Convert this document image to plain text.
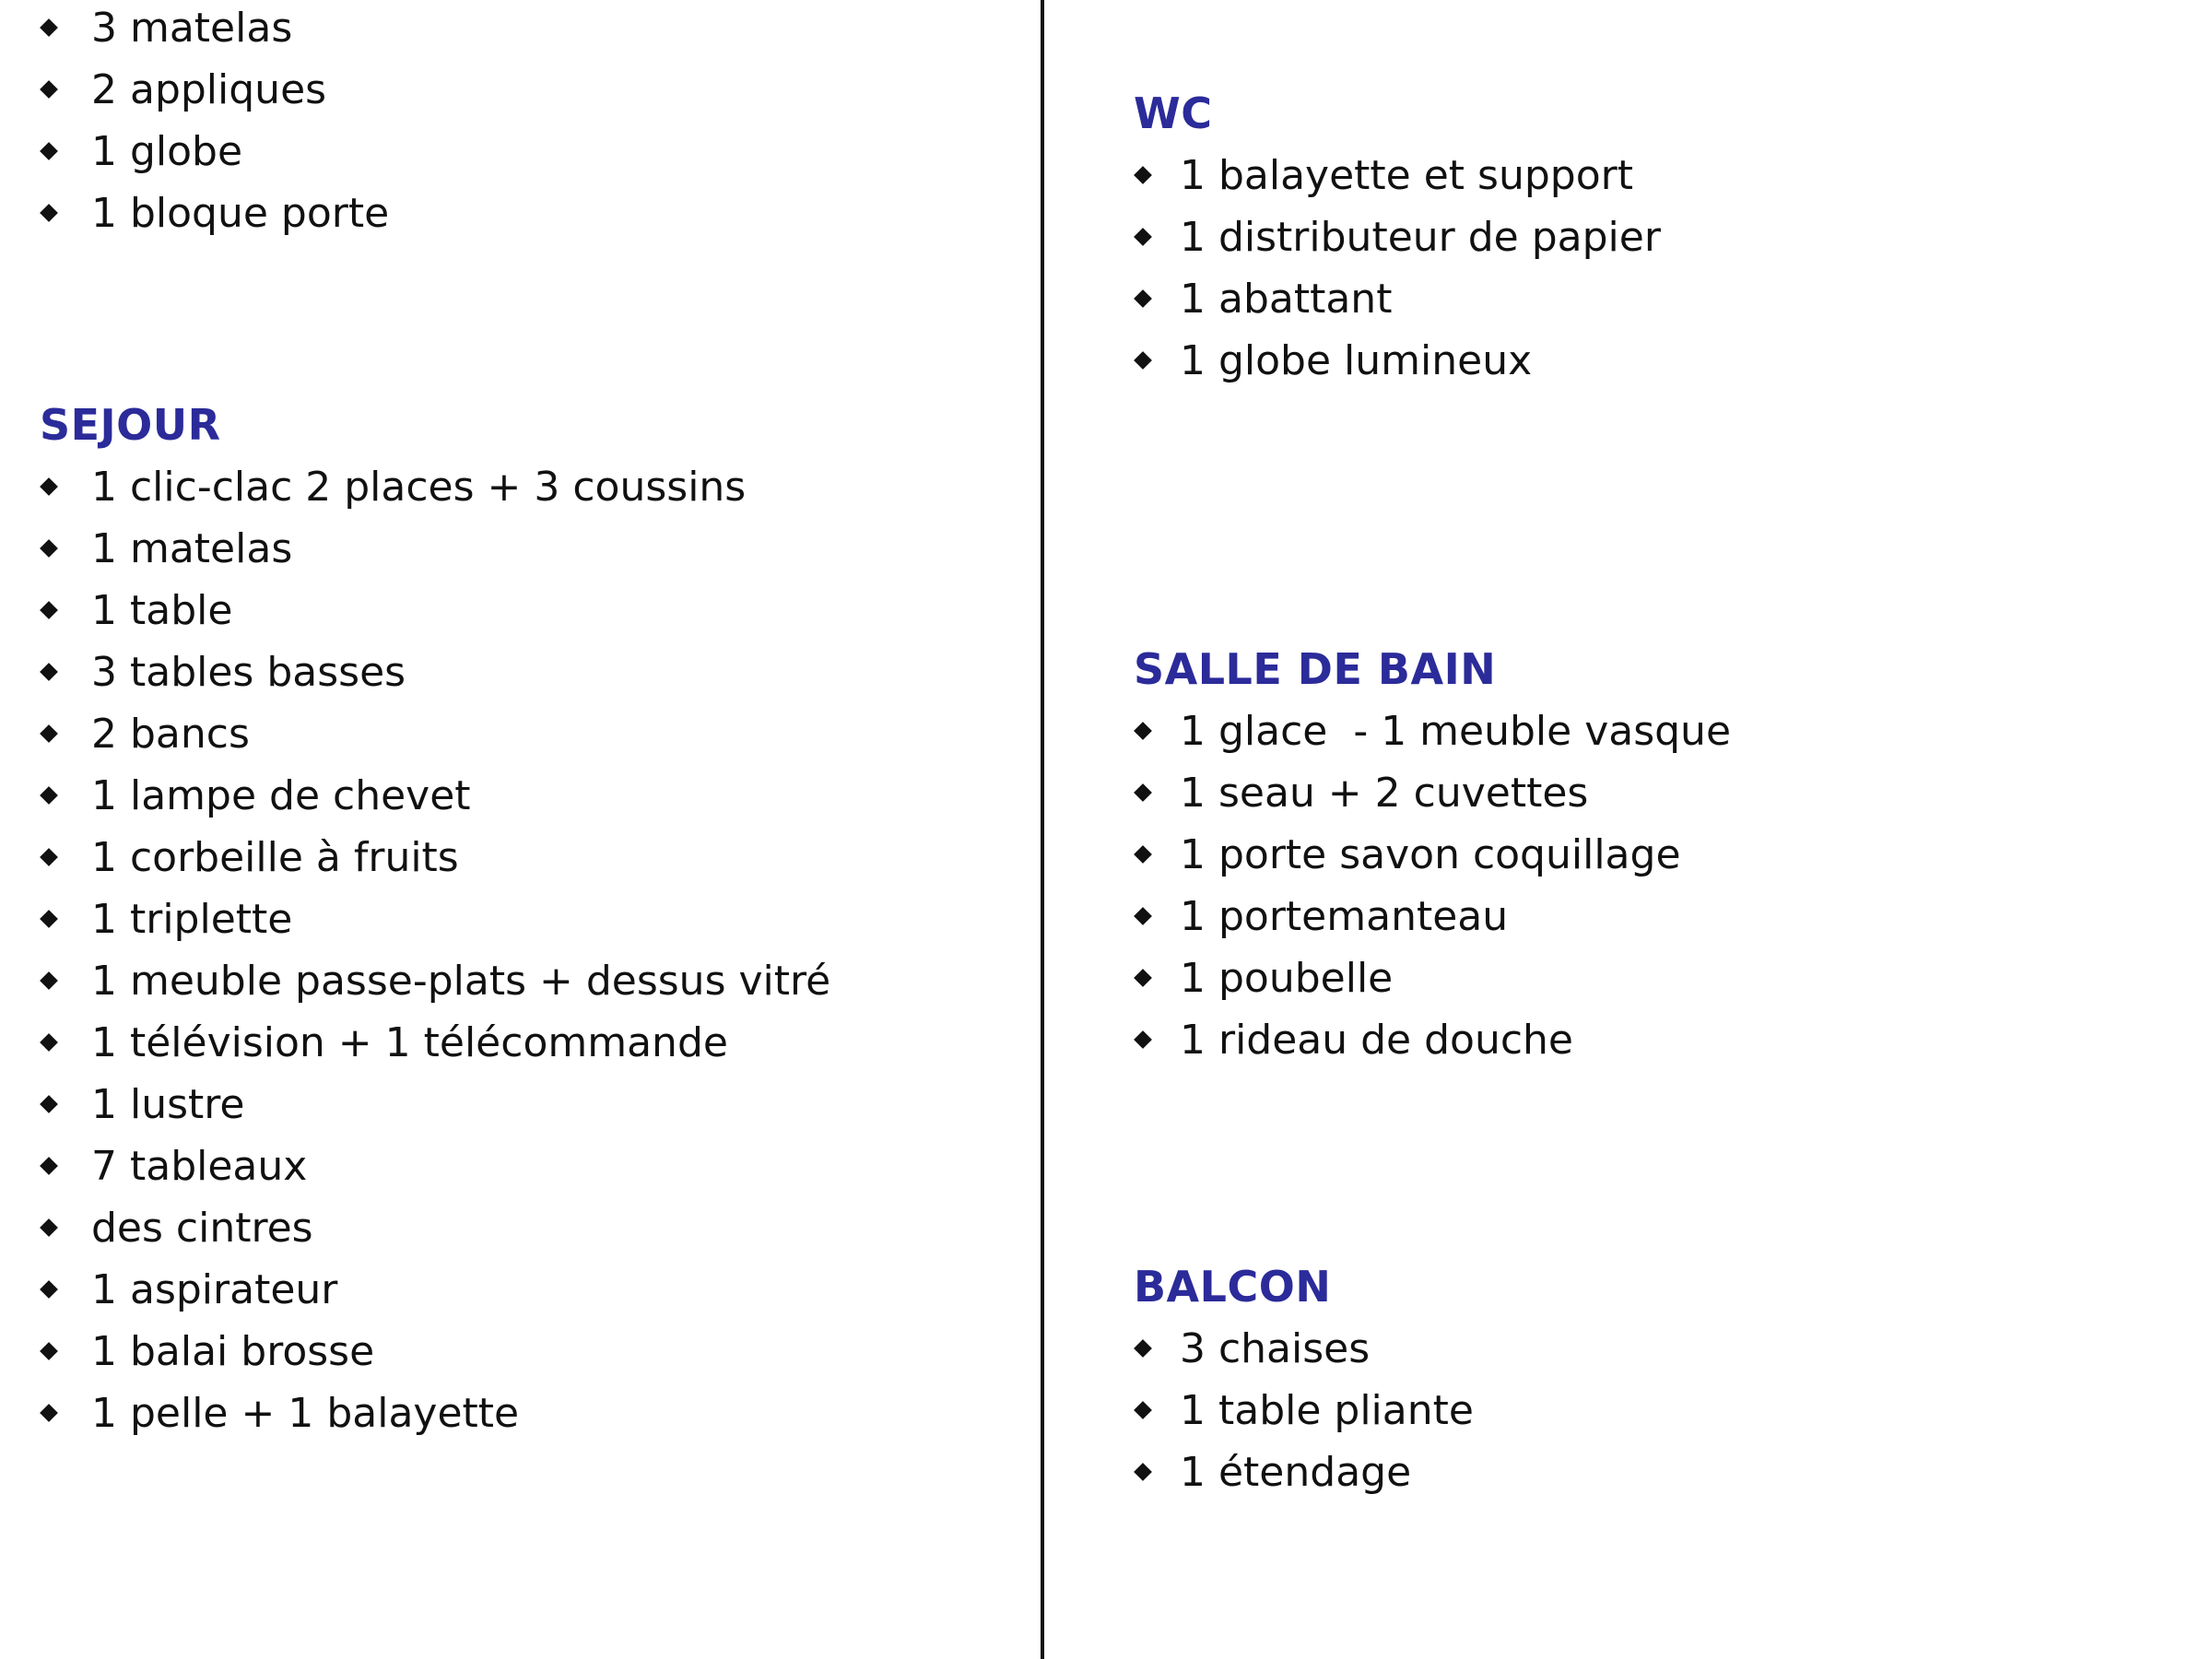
3 matelas
2 appliques
1 globe
1 bloque porte
SEJOUR
1 clic-clac 2 places + 3 coussins
1 matelas
1 table
3 tables basses
2 bancs
1 lampe de chevet
1 corbeille à fruits
1 triplette
1 meuble passe-plats + dessus vitré
1 télévision + 1 télécommande
1 lustre
7 tableaux
des cintres
1 aspirateur
1 balai brosse
1 pelle + 1 balayette
WC
1 balayette et support
1 distributeur de papier
1 abattant
1 globe lumineux
SALLE DE BAIN
1 glace  - 1 meuble vasque
1 seau + 2 cuvettes
1 porte savon coquillage
1 portemanteau
1 poubelle
1 rideau de douche
BALCON
3 chaises
1 table pliante
1 étendage
